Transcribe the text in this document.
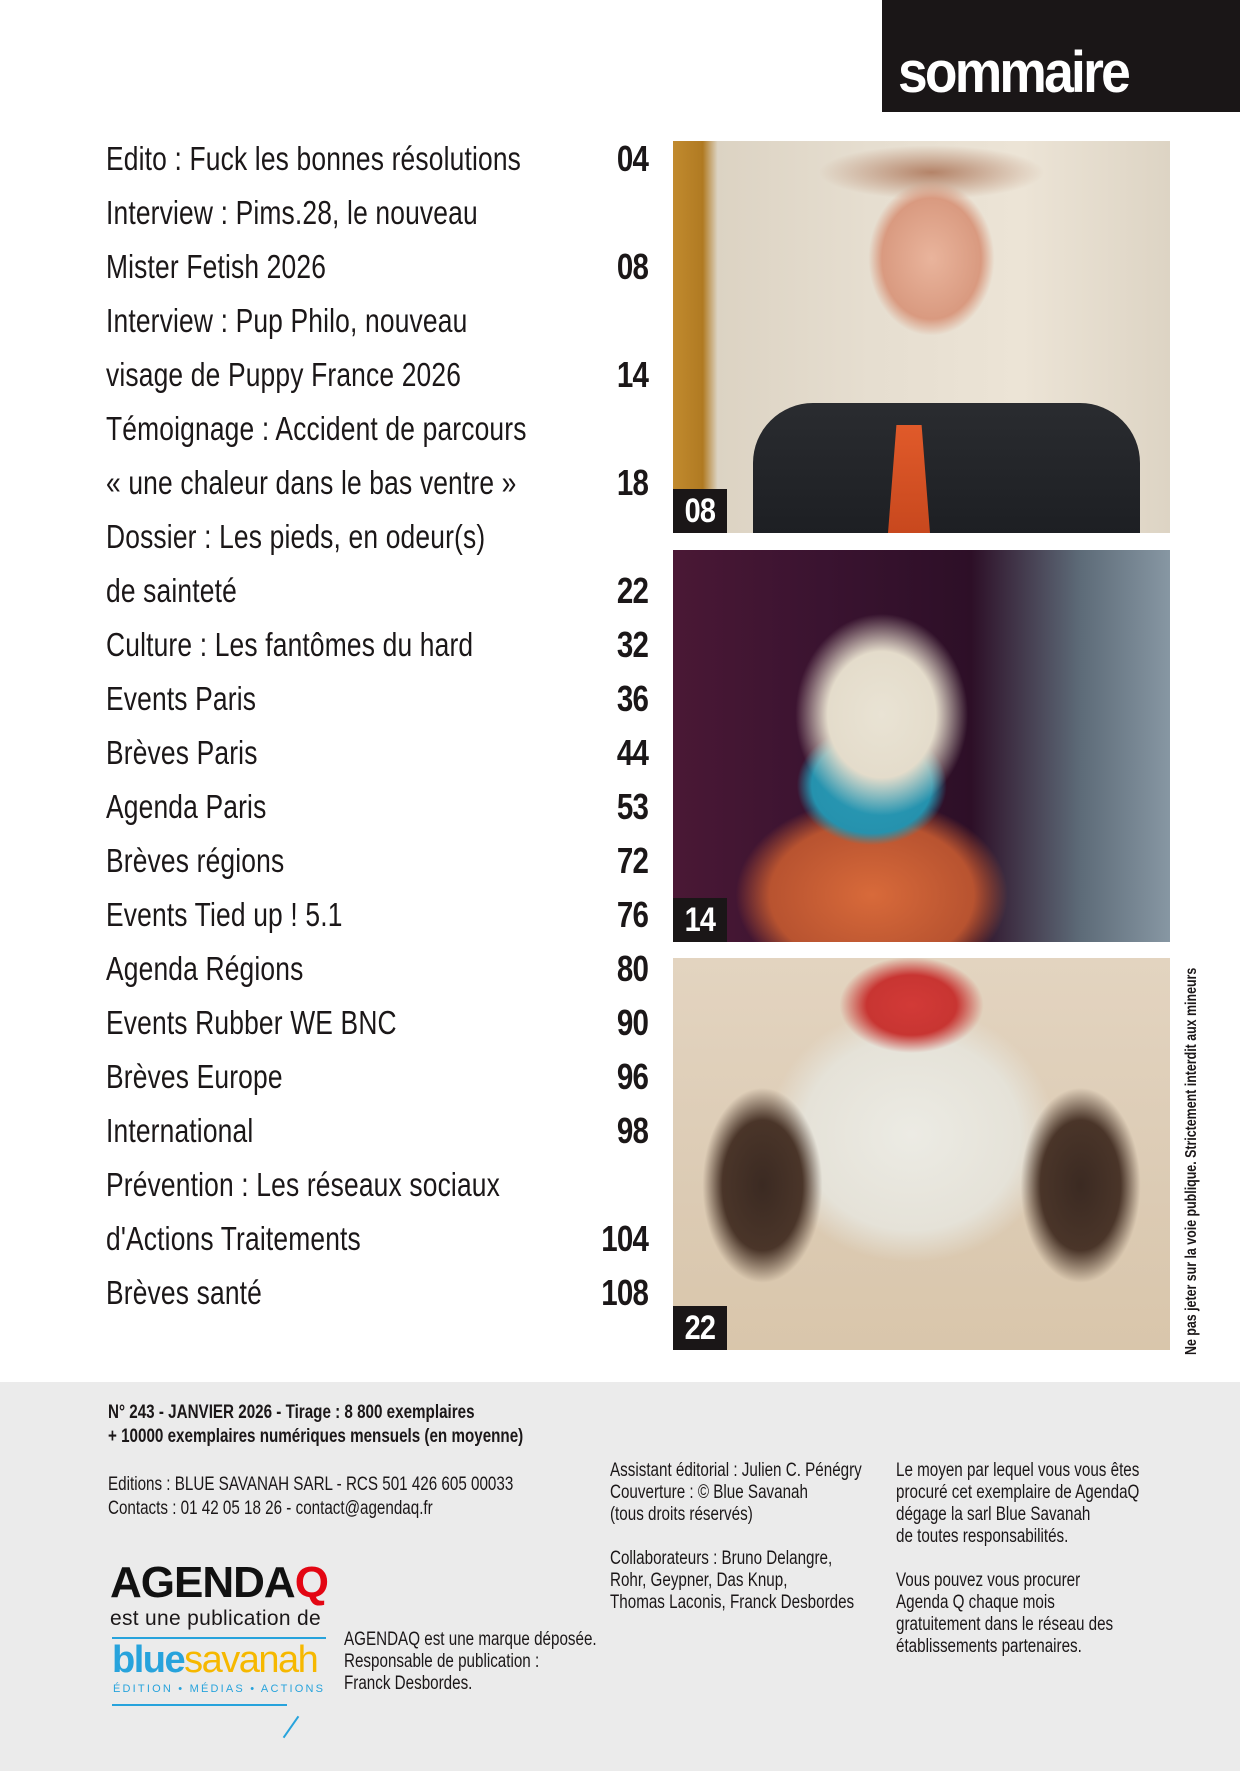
sommaire
Edito : Fuck les bonnes résolutions	04
Interview : Pims.28, le nouveau
Mister Fetish 2026	08
Interview : Pup Philo, nouveau
visage de Puppy France 2026	14
Témoignage : Accident de parcours
« une chaleur dans le bas ventre »	18
Dossier : Les pieds, en odeur(s)
de sainteté	22
Culture : Les fantômes du hard	32
Events Paris	36
Brèves Paris	44
Agenda Paris	53
Brèves régions	72
Events Tied up ! 5.1	76
Agenda Régions	80
Events Rubber WE BNC	90
Brèves Europe	96
International	98
Prévention : Les réseaux sociaux
d'Actions Traitements	104
Brèves santé	108
08
14
22	Ne pas jeter sur la voie publique. Strictement interdit aux mineurs
N° 243 - JANVIER 2026 - Tirage : 8 800 exemplaires
+ 10000 exemplaires numériques mensuels (en moyenne)
Editions : BLUE SAVANAH SARL - RCS 501 426 605 00033
Contacts : 01 42 05 18 26 - contact@agendaq.fr
AGENDAQ
est une publication de
bluesavanah
ÉDITION • MÉDIAS • ACTIONS
AGENDAQ est une marque déposée.
Responsable de publication :
Franck Desbordes.
Assistant éditorial : Julien C. Pénégry
Couverture : © Blue Savanah
(tous droits réservés)
Collaborateurs : Bruno Delangre,
Rohr, Geypner, Das Knup,
Thomas Laconis, Franck Desbordes
Le moyen par lequel vous vous êtes
procuré cet exemplaire de AgendaQ
dégage la sarl Blue Savanah
de toutes responsabilités.
Vous pouvez vous procurer
Agenda Q chaque mois
gratuitement dans le réseau des
établissements partenaires.
